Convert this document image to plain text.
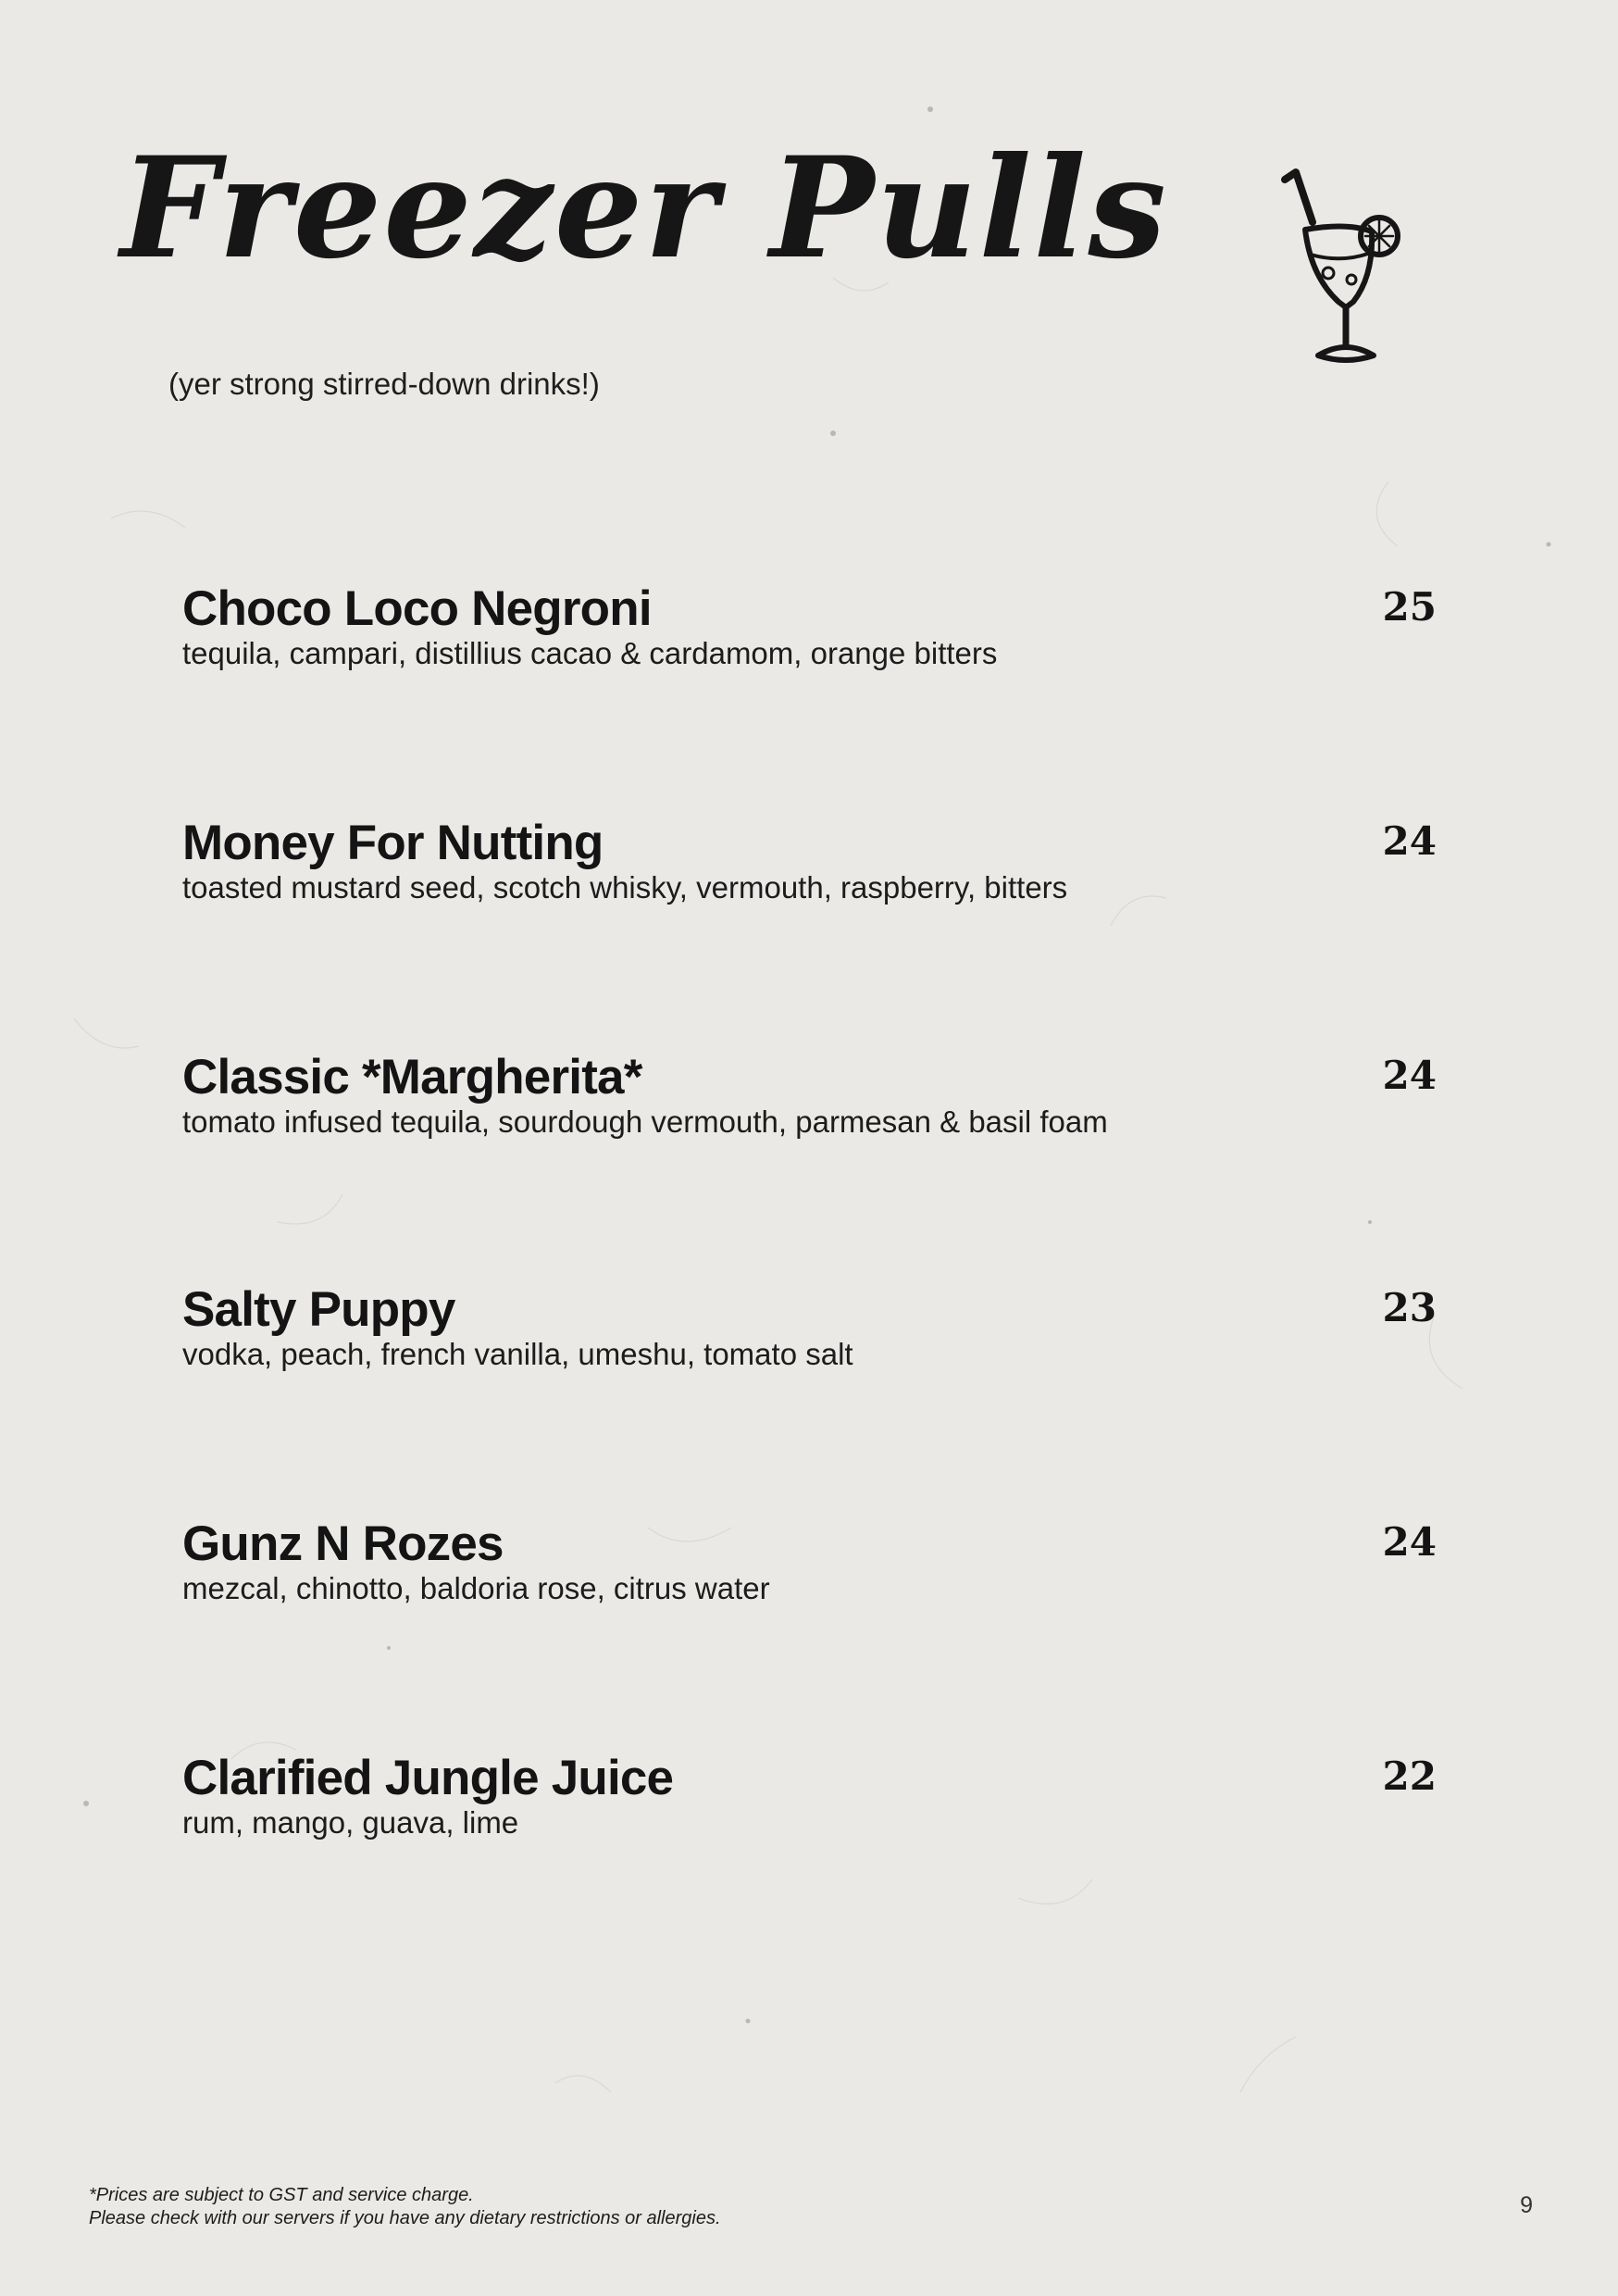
Freezer Pulls
(yer strong stirred-down drinks!)
Choco Loco Negroni
tequila, campari, distillius cacao & cardamom, orange bitters
25
Money For Nutting
toasted mustard seed, scotch whisky, vermouth, raspberry, bitters
24
Classic *Margherita*
tomato infused tequila, sourdough vermouth, parmesan & basil foam
24
Salty Puppy
vodka, peach, french vanilla, umeshu, tomato salt
23
Gunz N Rozes
mezcal, chinotto, baldoria rose, citrus water
24
Clarified Jungle Juice
rum, mango, guava, lime
22
*Prices are subject to GST and service charge.
Please check with our servers if you have any dietary restrictions or allergies.	9
